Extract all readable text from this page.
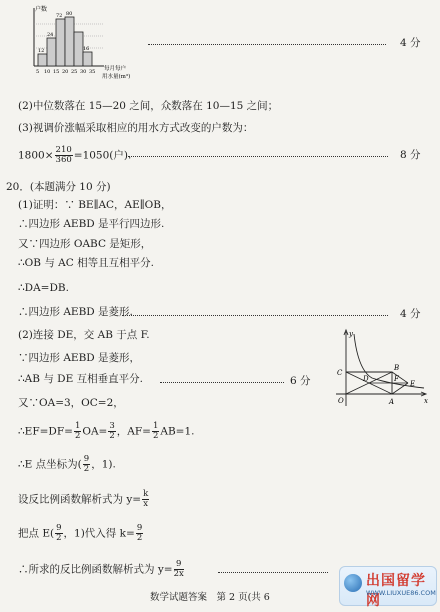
户数
12
24
72 80
16
5 10 15 20 25 30 35 每月每户
用水量(m³)
4 分
(2)中位数落在 15—20 之间，众数落在 10—15 之间；
(3)视调价涨幅采取相应的用水方式改变的户数为：
$1800\times \frac{210}{360} =1050$(户).	8 分
20．(本题满分 10 分)
(1)证明：∵ BE∥AC，AE∥OB，
∴四边形 AEBD 是平行四边形.
又∵四边形 OABC 是矩形，
∴OB 与 AC 相等且互相平分.
∴DA=DB.
∴四边形 AEBD 是菱形.	4 分
(2)连接 DE，交 AB 于点 F.
∵四边形 AEBD 是菱形，
∴AB 与 DE 互相垂直平分.	6 分
又∵OA=3，OC=2，
∴EF=DF= $\frac{1}{2} OA= \frac{3}{2}$ ，$AF= \frac{1}{2} AB=1$.
∴E 点坐标为( $\frac{9}{2}$ ，1).
设反比例函数解析式为 $y= \frac{k}{x}$
把点 $E( \frac{9}{2}$ ，1)代入得 $k= \frac{9}{2}$
∴所求的反比例函数解析式为 $y= \frac{9}{2x}$
y
x
O
C
B
A
D	F
E
数学试题答案　第 2 页(共 6
出国留学网
WWW.LIUXUE86.COM
